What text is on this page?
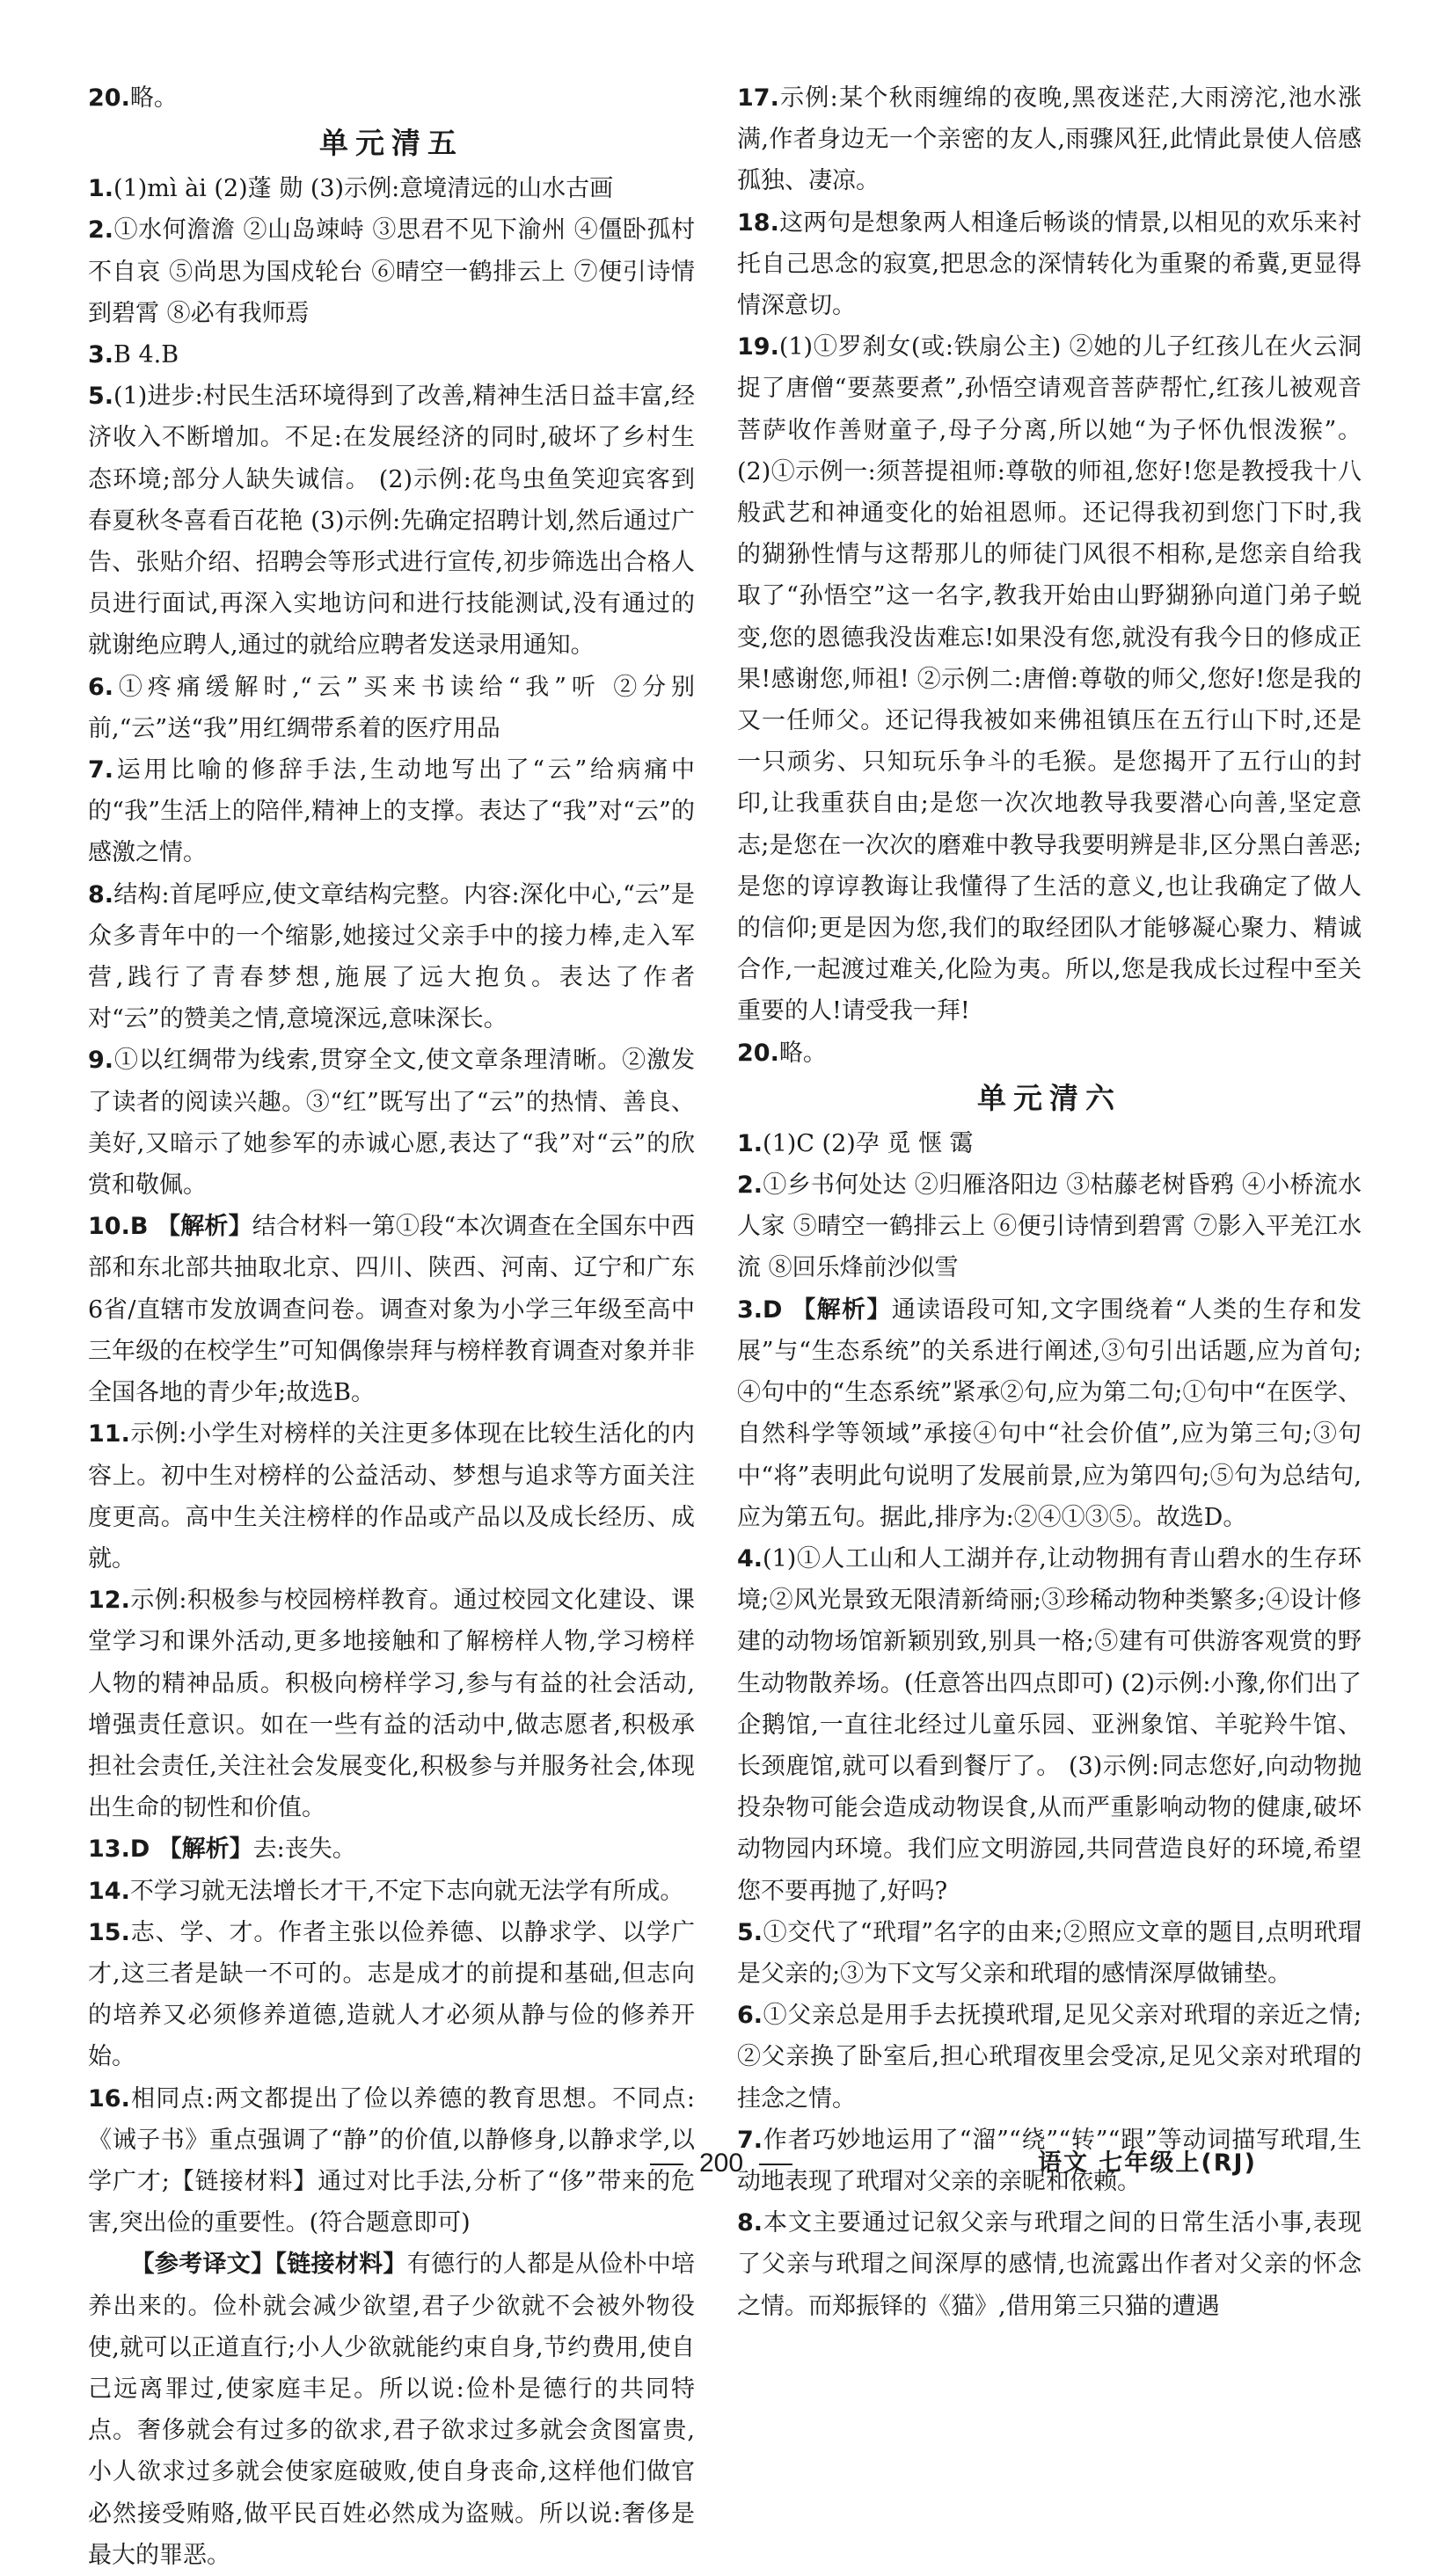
20.略。

单元清五

1.(1)mì ài (2)蓬 勋 (3)示例:意境清远的山水古画

2.①水何澹澹 ②山岛竦峙 ③思君不见下渝州 ④僵卧孤村不自哀 ⑤尚思为国戍轮台 ⑥晴空一鹤排云上 ⑦便引诗情到碧霄 ⑧必有我师焉

3.B 4.B

5.(1)进步:村民生活环境得到了改善,精神生活日益丰富,经济收入不断增加。不足:在发展经济的同时,破坏了乡村生态环境;部分人缺失诚信。 (2)示例:花鸟虫鱼笑迎宾客到 春夏秋冬喜看百花艳 (3)示例:先确定招聘计划,然后通过广告、张贴介绍、招聘会等形式进行宣传,初步筛选出合格人员进行面试,再深入实地访问和进行技能测试,没有通过的就谢绝应聘人,通过的就给应聘者发送录用通知。

6.①疼痛缓解时,“云”买来书读给“我”听 ②分别前,“云”送“我”用红绸带系着的医疗用品

7.运用比喻的修辞手法,生动地写出了“云”给病痛中的“我”生活上的陪伴,精神上的支撑。表达了“我”对“云”的感激之情。

8.结构:首尾呼应,使文章结构完整。内容:深化中心,“云”是众多青年中的一个缩影,她接过父亲手中的接力棒,走入军营,践行了青春梦想,施展了远大抱负。表达了作者对“云”的赞美之情,意境深远,意味深长。

9.①以红绸带为线索,贯穿全文,使文章条理清晰。②激发了读者的阅读兴趣。③“红”既写出了“云”的热情、善良、美好,又暗示了她参军的赤诚心愿,表达了“我”对“云”的欣赏和敬佩。

10.B 【解析】结合材料一第①段“本次调查在全国东中西部和东北部共抽取北京、四川、陕西、河南、辽宁和广东6省/直辖市发放调查问卷。调查对象为小学三年级至高中三年级的在校学生”可知偶像崇拜与榜样教育调查对象并非全国各地的青少年;故选B。

11.示例:小学生对榜样的关注更多体现在比较生活化的内容上。初中生对榜样的公益活动、梦想与追求等方面关注度更高。高中生关注榜样的作品或产品以及成长经历、成就。

12.示例:积极参与校园榜样教育。通过校园文化建设、课堂学习和课外活动,更多地接触和了解榜样人物,学习榜样人物的精神品质。积极向榜样学习,参与有益的社会活动,增强责任意识。如在一些有益的活动中,做志愿者,积极承担社会责任,关注社会发展变化,积极参与并服务社会,体现出生命的韧性和价值。

13.D 【解析】去:丧失。

14.不学习就无法增长才干,不定下志向就无法学有所成。

15.志、学、才。作者主张以俭养德、以静求学、以学广才,这三者是缺一不可的。志是成才的前提和基础,但志向的培养又必须修养道德,造就人才必须从静与俭的修养开始。

16.相同点:两文都提出了俭以养德的教育思想。不同点:《诫子书》重点强调了“静”的价值,以静修身,以静求学,以学广才;【链接材料】通过对比手法,分析了“侈”带来的危害,突出俭的重要性。(符合题意即可)

【参考译文】【链接材料】有德行的人都是从俭朴中培养出来的。俭朴就会减少欲望,君子少欲就不会被外物役使,就可以正道直行;小人少欲就能约束自身,节约费用,使自己远离罪过,使家庭丰足。所以说:俭朴是德行的共同特点。奢侈就会有过多的欲求,君子欲求过多就会贪图富贵,小人欲求过多就会使家庭破败,使自身丧命,这样他们做官必然接受贿赂,做平民百姓必然成为盗贼。所以说:奢侈是最大的罪恶。

17.示例:某个秋雨缠绵的夜晚,黑夜迷茫,大雨滂沱,池水涨满,作者身边无一个亲密的友人,雨骤风狂,此情此景使人倍感孤独、凄凉。

18.这两句是想象两人相逢后畅谈的情景,以相见的欢乐来衬托自己思念的寂寞,把思念的深情转化为重聚的希冀,更显得情深意切。

19.(1)①罗刹女(或:铁扇公主) ②她的儿子红孩儿在火云洞捉了唐僧“要蒸要煮”,孙悟空请观音菩萨帮忙,红孩儿被观音菩萨收作善财童子,母子分离,所以她“为子怀仇恨泼猴”。 (2)①示例一:须菩提祖师:尊敬的师祖,您好!您是教授我十八般武艺和神通变化的始祖恩师。还记得我初到您门下时,我的猢狲性情与这帮那儿的师徒门风很不相称,是您亲自给我取了“孙悟空”这一名字,教我开始由山野猢狲向道门弟子蜕变,您的恩德我没齿难忘!如果没有您,就没有我今日的修成正果!感谢您,师祖! ②示例二:唐僧:尊敬的师父,您好!您是我的又一任师父。还记得我被如来佛祖镇压在五行山下时,还是一只顽劣、只知玩乐争斗的毛猴。是您揭开了五行山的封印,让我重获自由;是您一次次地教导我要潜心向善,坚定意志;是您在一次次的磨难中教导我要明辨是非,区分黑白善恶;是您的谆谆教诲让我懂得了生活的意义,也让我确定了做人的信仰;更是因为您,我们的取经团队才能够凝心聚力、精诚合作,一起渡过难关,化险为夷。所以,您是我成长过程中至关重要的人!请受我一拜!

20.略。

单元清六

1.(1)C (2)孕 觅 惬 霭

2.①乡书何处达 ②归雁洛阳边 ③枯藤老树昏鸦 ④小桥流水人家 ⑤晴空一鹤排云上 ⑥便引诗情到碧霄 ⑦影入平羌江水流 ⑧回乐烽前沙似雪

3.D 【解析】通读语段可知,文字围绕着“人类的生存和发展”与“生态系统”的关系进行阐述,③句引出话题,应为首句;④句中的“生态系统”紧承②句,应为第二句;①句中“在医学、自然科学等领域”承接④句中“社会价值”,应为第三句;③句中“将”表明此句说明了发展前景,应为第四句;⑤句为总结句,应为第五句。据此,排序为:②④①③⑤。故选D。

4.(1)①人工山和人工湖并存,让动物拥有青山碧水的生存环境;②风光景致无限清新绮丽;③珍稀动物种类繁多;④设计修建的动物场馆新颖别致,别具一格;⑤建有可供游客观赏的野生动物散养场。(任意答出四点即可) (2)示例:小豫,你们出了企鹅馆,一直往北经过儿童乐园、亚洲象馆、羊驼羚牛馆、长颈鹿馆,就可以看到餐厅了。 (3)示例:同志您好,向动物抛投杂物可能会造成动物误食,从而严重影响动物的健康,破坏动物园内环境。我们应文明游园,共同营造良好的环境,希望您不要再抛了,好吗?

5.①交代了“玳瑁”名字的由来;②照应文章的题目,点明玳瑁是父亲的;③为下文写父亲和玳瑁的感情深厚做铺垫。

6.①父亲总是用手去抚摸玳瑁,足见父亲对玳瑁的亲近之情;②父亲换了卧室后,担心玳瑁夜里会受凉,足见父亲对玳瑁的挂念之情。

7.作者巧妙地运用了“溜”“绕”“转”“跟”等动词描写玳瑁,生动地表现了玳瑁对父亲的亲昵和依赖。

8.本文主要通过记叙父亲与玳瑁之间的日常生活小事,表现了父亲与玳瑁之间深厚的感情,也流露出作者对父亲的怀念之情。而郑振铎的《猫》,借用第三只猫的遭遇

200	语文 七年级上(RJ)
